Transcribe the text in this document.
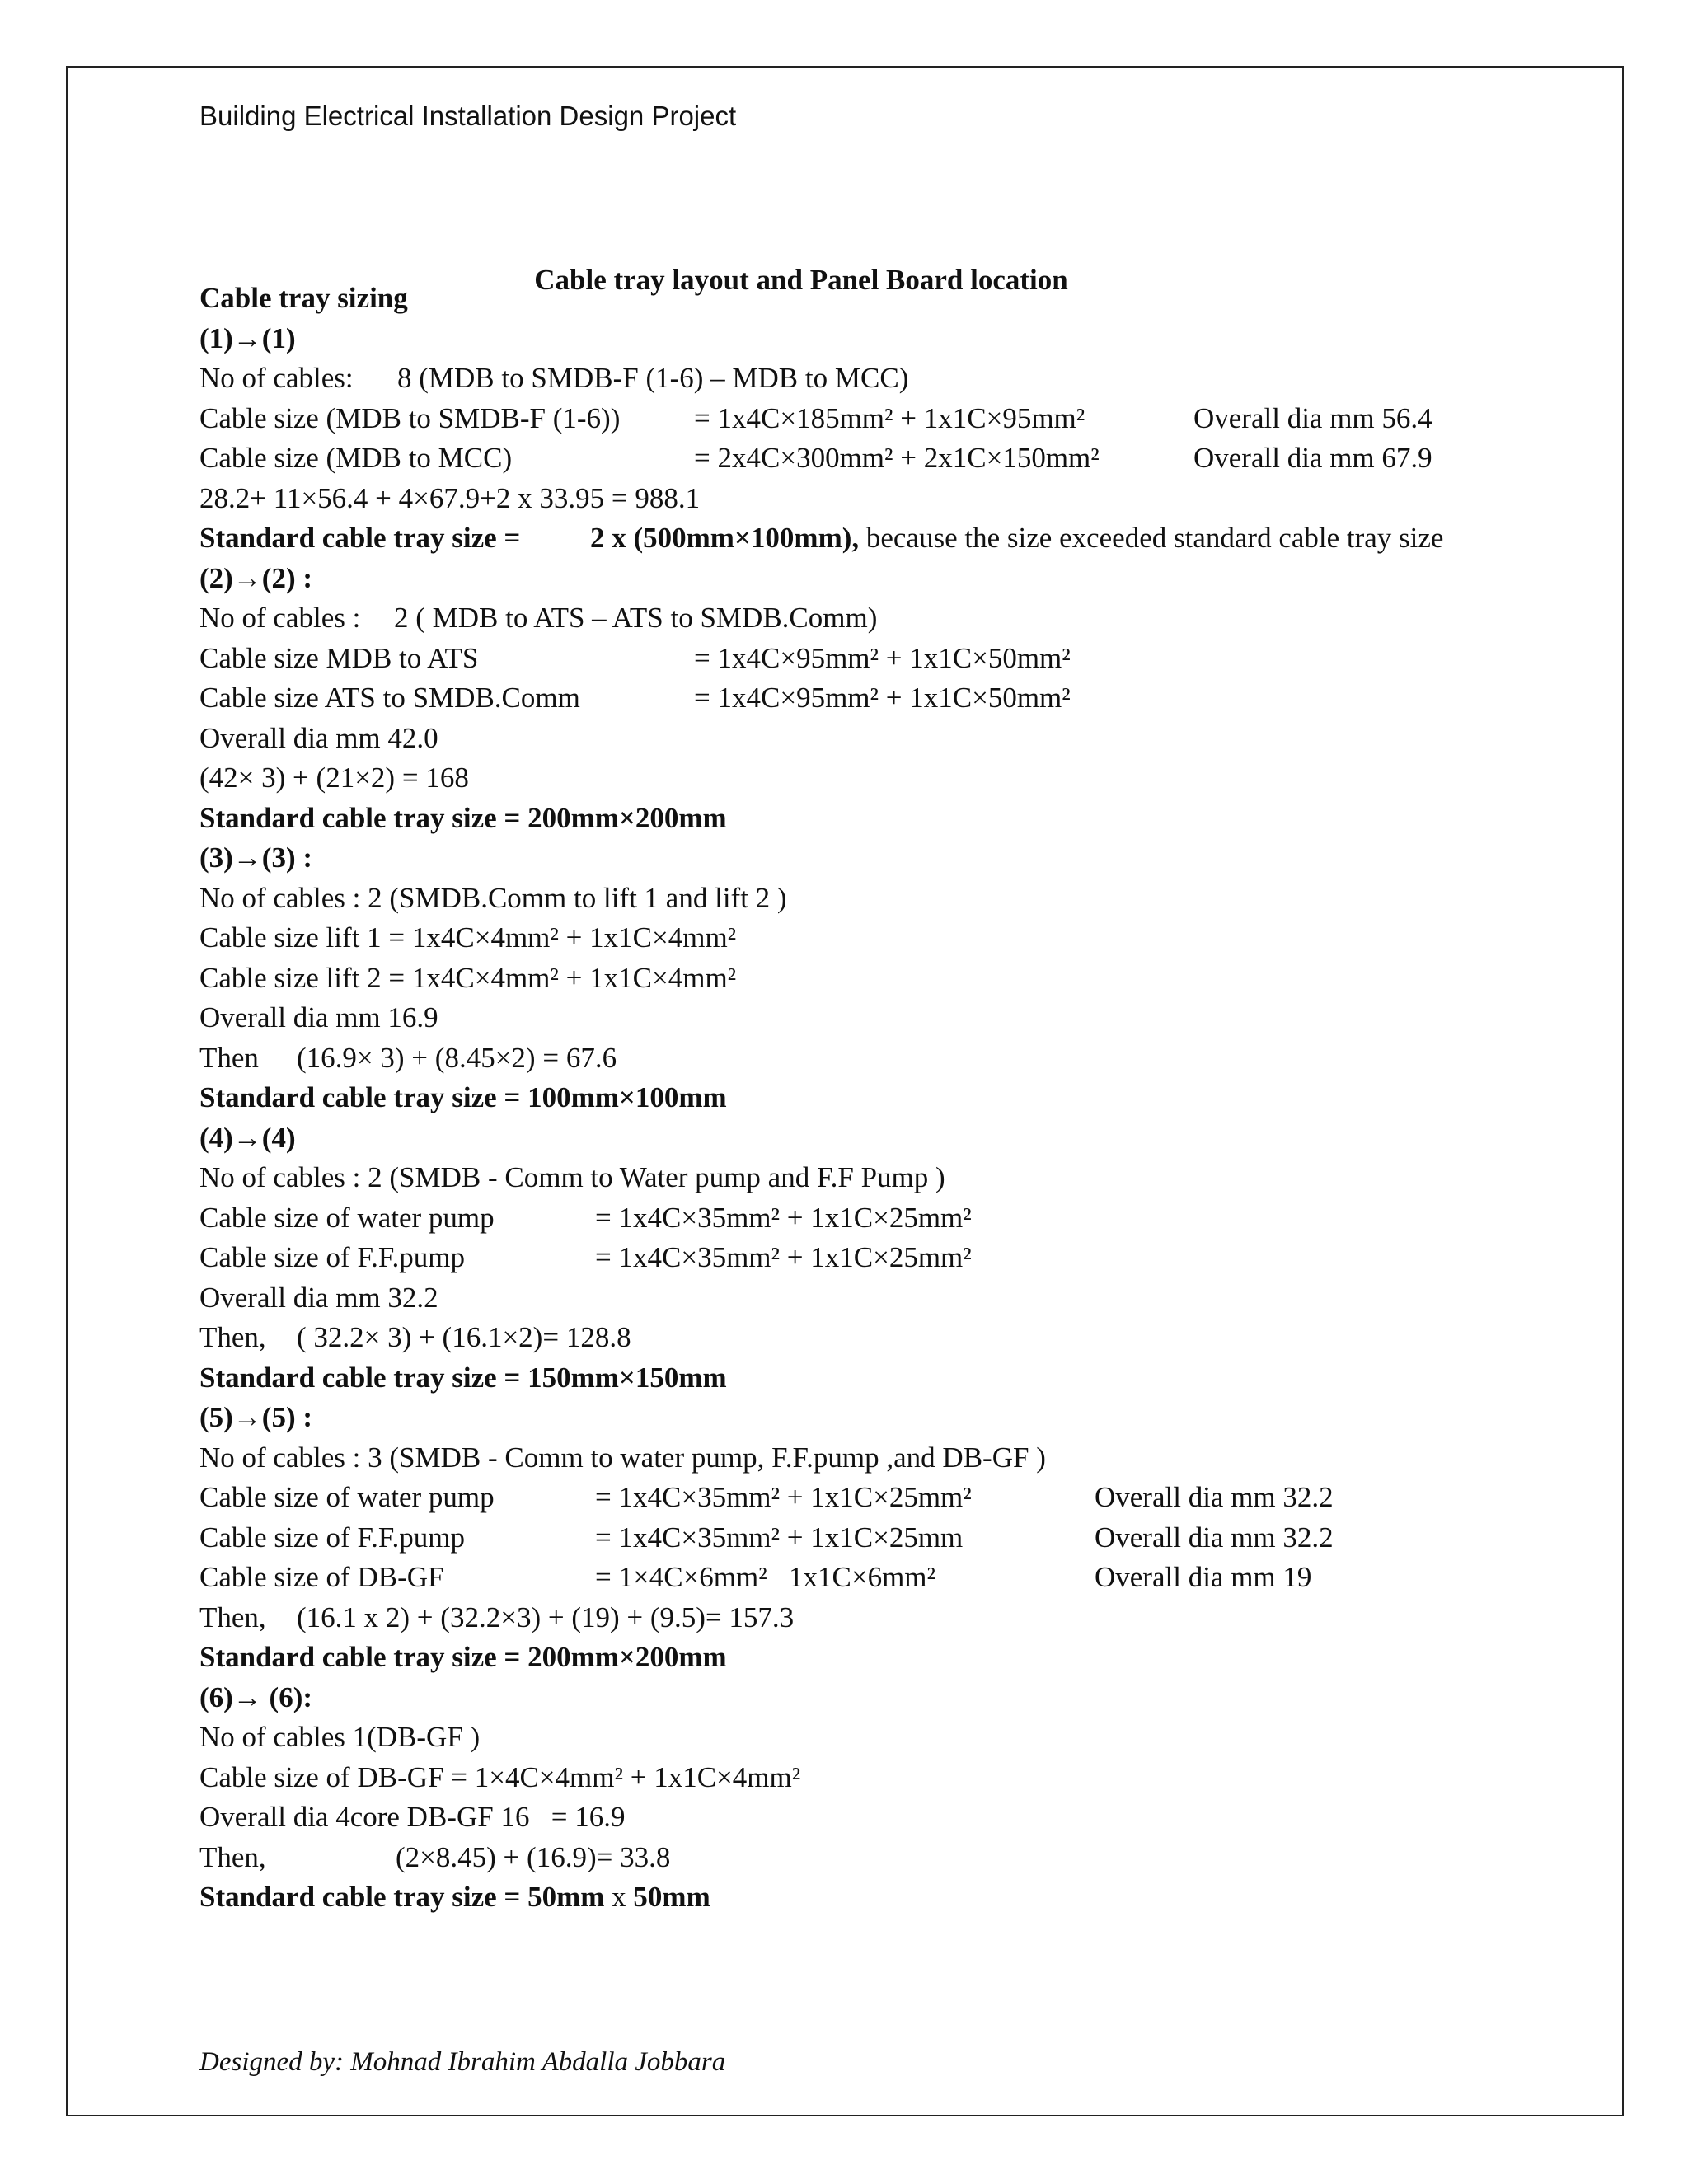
Cable tray layout and Panel Board location
Building Electrical Installation Design Project
Cable tray sizing
(1)→(1)
No of cables: 8 (MDB to SMDB-F (1-6) – MDB to MCC)
Cable size (MDB to SMDB-F (1-6))	= 1x4C×185mm² + 1x1C×95mm²	Overall dia mm 56.4
Cable size (MDB to MCC)	= 2x4C×300mm² + 2x1C×150mm²	Overall dia mm 67.9
28.2+ 11×56.4 + 4×67.9+2 x 33.95 = 988.1
Standard cable tray size = 2 x (500mm×100mm), because the size exceeded standard cable tray size
(2)→(2) :
No of cables : 2 ( MDB to ATS – ATS to SMDB.Comm)
Cable size MDB to ATS	= 1x4C×95mm² + 1x1C×50mm²
Cable size ATS to SMDB.Comm	= 1x4C×95mm² + 1x1C×50mm²
Overall dia mm 42.0
(42× 3) + (21×2) = 168
Standard cable tray size = 200mm×200mm
(3)→(3) :
No of cables : 2 (SMDB.Comm to lift 1 and lift 2 )
Cable size lift 1 = 1x4C×4mm² + 1x1C×4mm²
Cable size lift 2 = 1x4C×4mm² + 1x1C×4mm²
Overall dia mm 16.9
Then (16.9× 3) + (8.45×2) = 67.6
Standard cable tray size = 100mm×100mm
(4)→(4)
No of cables : 2 (SMDB - Comm to Water pump and F.F Pump )
Cable size of water pump	= 1x4C×35mm² + 1x1C×25mm²
Cable size of F.F.pump	= 1x4C×35mm² + 1x1C×25mm²
Overall dia mm 32.2
Then, ( 32.2× 3) + (16.1×2)= 128.8
Standard cable tray size = 150mm×150mm
(5)→(5) :
No of cables : 3 (SMDB - Comm to water pump, F.F.pump ,and DB-GF )
Cable size of water pump	= 1x4C×35mm² + 1x1C×25mm²	Overall dia mm 32.2
Cable size of F.F.pump	= 1x4C×35mm² + 1x1C×25mm	Overall dia mm 32.2
Cable size of DB-GF	= 1×4C×6mm²   1x1C×6mm²	Overall dia mm 19
Then, (16.1 x 2) + (32.2×3) + (19) + (9.5)= 157.3
Standard cable tray size = 200mm×200mm
(6)→ (6):
No of cables 1(DB-GF )
Cable size of DB-GF = 1×4C×4mm² + 1x1C×4mm²
Overall dia 4core DB-GF 16   = 16.9
Then,	(2×8.45) + (16.9)= 33.8
Standard cable tray size = 50mm x 50mm
Designed by: Mohnad Ibrahim Abdalla Jobbara
